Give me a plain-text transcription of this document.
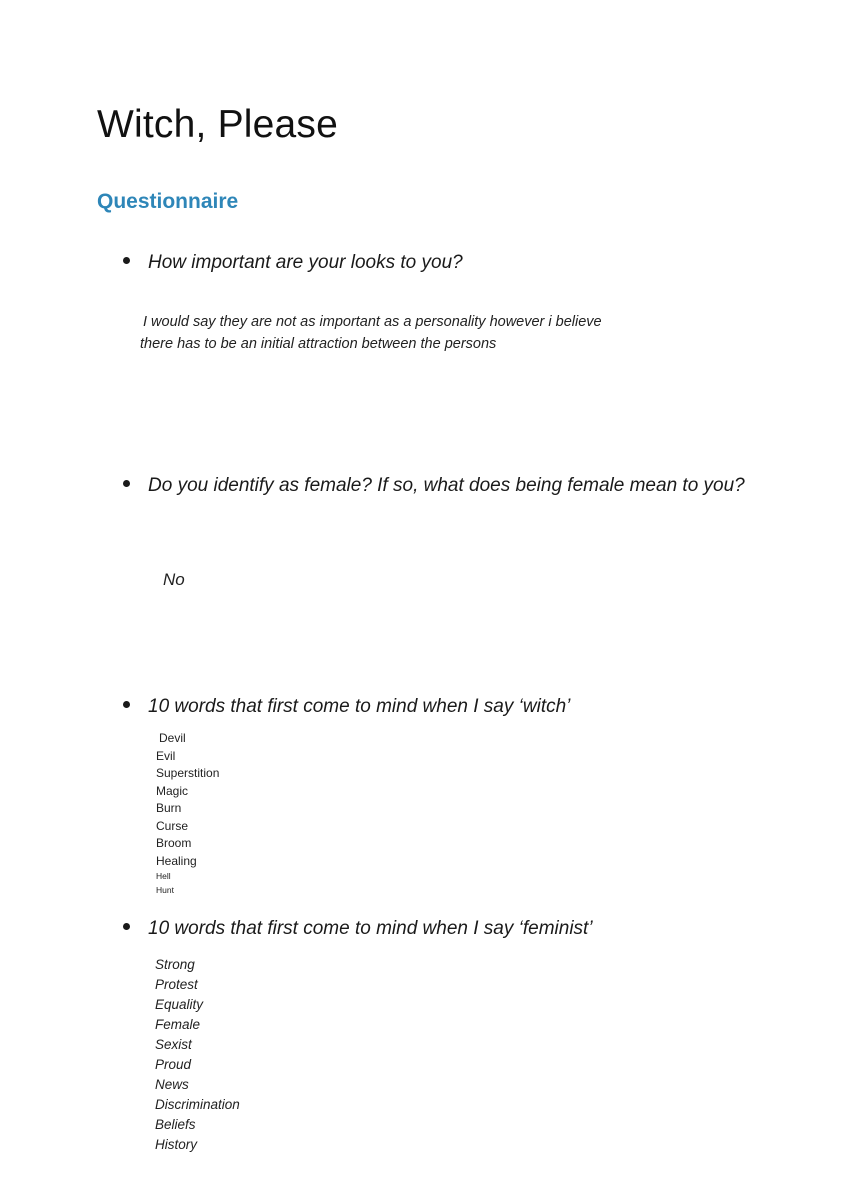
Witch, Please
Questionnaire
How important are your looks to you?
I would say they are not as important as a personality however i believe
there has to be an initial attraction between the persons
Do you identify as female? If so, what does being female mean to you?
No
10 words that first come to mind when I say ‘witch’
Devil
Evil
Superstition
Magic
Burn
Curse
Broom
Healing
Hell
Hunt
10 words that first come to mind when I say ‘feminist’
Strong
Protest
Equality
Female
Sexist
Proud
News
Discrimination
Beliefs
History
